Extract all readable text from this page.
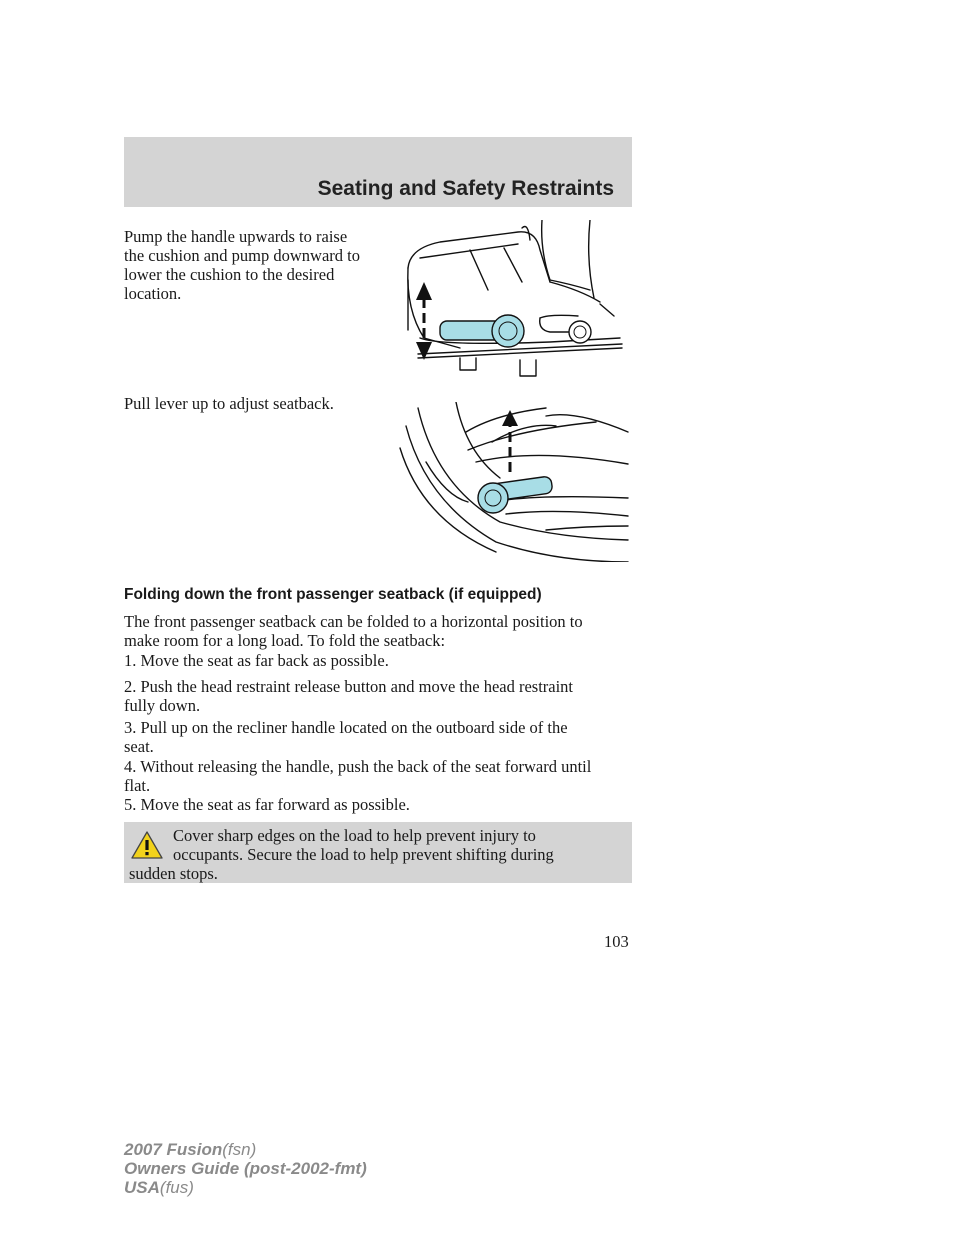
Seating and Safety Restraints
Pump the handle upwards to raise
the cushion and pump downward to
lower the cushion to the desired
location.
Pull lever up to adjust seatback.
Folding down the front passenger seatback (if equipped)
The front passenger seatback can be folded to a horizontal position to
make room for a long load. To fold the seatback:
1. Move the seat as far back as possible.
2. Push the head restraint release button and move the head restraint
fully down.
3. Pull up on the recliner handle located on the outboard side of the
seat.
4. Without releasing the handle, push the back of the seat forward until
flat.
5. Move the seat as far forward as possible.
Cover sharp edges on the load to help prevent injury to
occupants. Secure the load to help prevent shifting during
sudden stops.
103
2007 Fusion(fsn)
Owners Guide (post-2002-fmt)
USA(fus)
